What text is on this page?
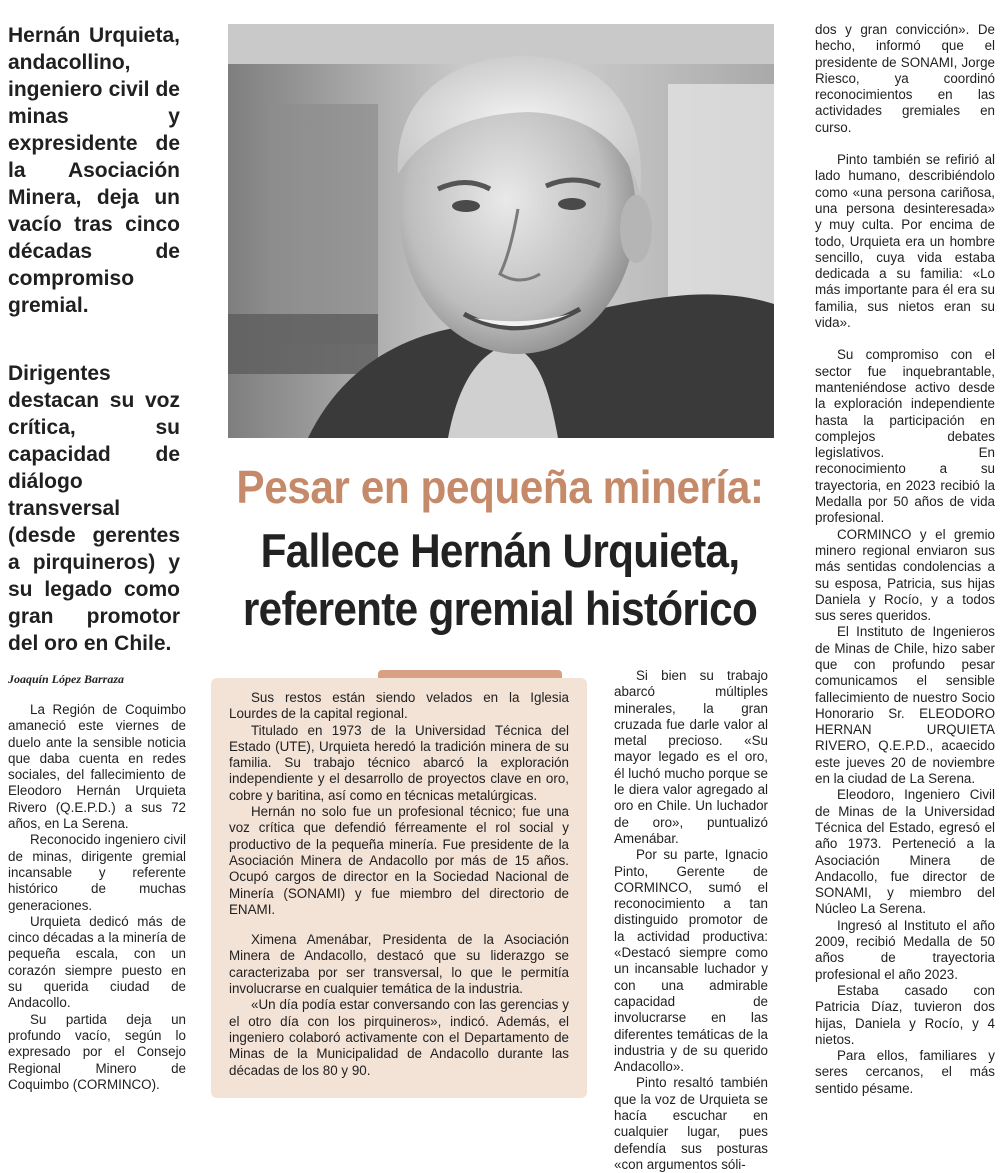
Hernán Urquieta, andacollino, ingeniero civil de minas y expresidente de la Asociación Minera, deja un vacío tras cinco décadas de compromiso gremial.
Dirigentes destacan su voz crítica, su capacidad de diálogo transversal (desde gerentes a pirquineros) y su legado como gran promotor del oro en Chile.
Joaquín López Barraza

La Región de Coquimbo amaneció este viernes de duelo ante la sensible noticia que daba cuenta en redes sociales, del fallecimiento de Eleodoro Hernán Urquieta Rivero (Q.E.P.D.) a sus 72 años, en La Serena.

Reconocido ingeniero civil de minas, dirigente gremial incansable y referente histórico de muchas generaciones.

Urquieta dedicó más de cinco décadas a la minería de pequeña escala, con un corazón siempre puesto en su querida ciudad de Andacollo.

Su partida deja un profundo vacío, según lo expresado por el Consejo Regional Minero de Coquimbo (CORMINCO).

Pesar en pequeña minería:
Fallece Hernán Urquieta,
referente gremial histórico

Sus restos están siendo velados en la Iglesia Lourdes de la capital regional.

Titulado en 1973 de la Universidad Técnica del Estado (UTE), Urquieta heredó la tradición minera de su familia. Su trabajo técnico abarcó la exploración independiente y el desarrollo de proyectos clave en oro, cobre y baritina, así como en técnicas metalúrgicas.

Hernán no solo fue un profesional técnico; fue una voz crítica que defendió férreamente el rol social y productivo de la pequeña minería. Fue presidente de la Asociación Minera de Andacollo por más de 15 años. Ocupó cargos de director en la Sociedad Nacional de Minería (SONAMI) y fue miembro del directorio de ENAMI.

Ximena Amenábar, Presidenta de la Asociación Minera de Andacollo, destacó que su liderazgo se caracterizaba por ser transversal, lo que le permitía involucrarse en cualquier temática de la industria.

«Un día podía estar conversando con las gerencias y el otro día con los pirquineros», indicó. Además, el ingeniero colaboró activamente con el Departamento de Minas de la Municipalidad de Andacollo durante las décadas de los 80 y 90.

Si bien su trabajo abarcó múltiples minerales, la gran cruzada fue darle valor al metal precioso. «Su mayor legado es el oro, él luchó mucho porque se le diera valor agregado al oro en Chile. Un luchador de oro», puntualizó Amenábar.

Por su parte, Ignacio Pinto, Gerente de CORMINCO, sumó el reconocimiento a tan distinguido promotor de la actividad productiva: «Destacó siempre como un incansable luchador y con una admirable capacidad de involucrarse en las diferentes temáticas de la industria y de su querido Andacollo».

Pinto resaltó también que la voz de Urquieta se hacía escuchar en cualquier lugar, pues defendía sus posturas «con argumentos sóli-

dos y gran convicción». De hecho, informó que el presidente de SONAMI, Jorge Riesco, ya coordinó reconocimientos en las actividades gremiales en curso.

Pinto también se refirió al lado humano, describiéndolo como «una persona cariñosa, una persona desinteresada» y muy culta. Por encima de todo, Urquieta era un hombre sencillo, cuya vida estaba dedicada a su familia: «Lo más importante para él era su familia, sus nietos eran su vida».

Su compromiso con el sector fue inquebrantable, manteniéndose activo desde la exploración independiente hasta la participación en complejos debates legislativos. En reconocimiento a su trayectoria, en 2023 recibió la Medalla por 50 años de vida profesional.

CORMINCO y el gremio minero regional enviaron sus más sentidas condolencias a su esposa, Patricia, sus hijas Daniela y Rocío, y a todos sus seres queridos.

El Instituto de Ingenieros de Minas de Chile, hizo saber que con profundo pesar comunicamos el sensible fallecimiento de nuestro Socio Honorario Sr. ELEODORO HERNAN URQUIETA RIVERO, Q.E.P.D., acaecido este jueves 20 de noviembre en la ciudad de La Serena.

Eleodoro, Ingeniero Civil de Minas de la Universidad Técnica del Estado, egresó el año 1973. Perteneció a la Asociación Minera de Andacollo, fue director de SONAMI, y miembro del Núcleo La Serena.

Ingresó al Instituto el año 2009, recibió Medalla de 50 años de trayectoria profesional el año 2023.

Estaba casado con Patricia Díaz, tuvieron dos hijas, Daniela y Rocío, y 4 nietos.

Para ellos, familiares y seres cercanos, el más sentido pésame.
